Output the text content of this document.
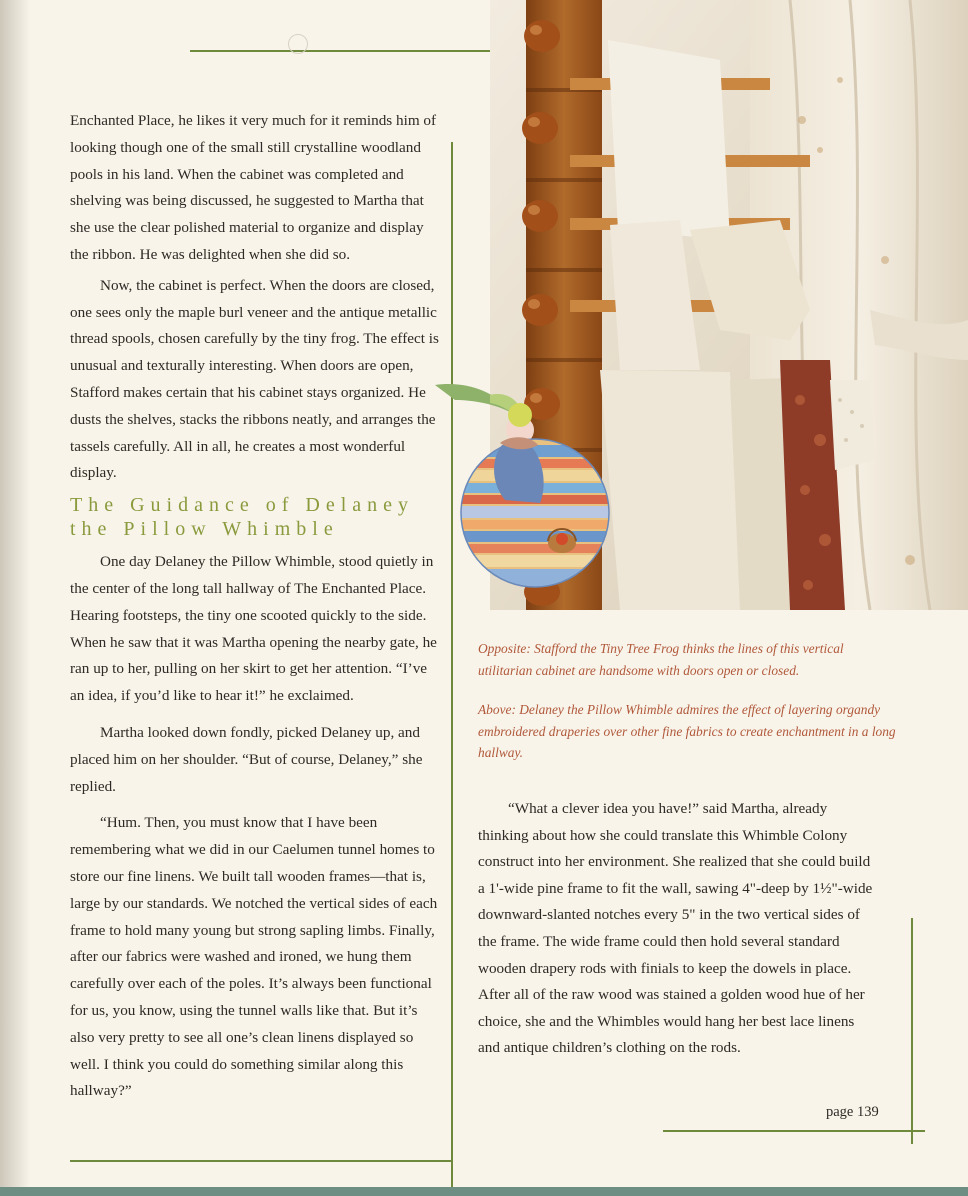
Enchanted Place, he likes it very much for it reminds him of looking though one of the small still crystalline woodland pools in his land. When the cabinet was completed and shelving was being discussed, he suggested to Martha that she use the clear polished material to organize and display the ribbon. He was delighted when she did so.

Now, the cabinet is perfect. When the doors are closed, one sees only the maple burl veneer and the antique metallic thread spools, chosen carefully by the tiny frog. The effect is unusual and texturally interesting. When doors are open, Stafford makes certain that his cabinet stays organized. He dusts the shelves, stacks the ribbons neatly, and arranges the tassels carefully. All in all, he creates a most wonderful display.

The Guidance of Delaney the Pillow Whimble

One day Delaney the Pillow Whimble, stood quietly in the center of the long tall hallway of The Enchanted Place. Hearing footsteps, the tiny one scooted quickly to the side. When he saw that it was Martha opening the nearby gate, he ran up to her, pulling on her skirt to get her attention. “I’ve an idea, if you’d like to hear it!” he exclaimed.

Martha looked down fondly, picked Delaney up, and placed him on her shoulder. “But of course, Delaney,” she replied.

“Hum. Then, you must know that I have been remembering what we did in our Caelumen tunnel homes to store our fine linens. We built tall wooden frames—that is, large by our standards. We notched the vertical sides of each frame to hold many young but strong sapling limbs. Finally, after our fabrics were washed and ironed, we hung them carefully over each of the poles. It’s always been functional for us, you know, using the tunnel walls like that. But it’s also very pretty to see all one’s clean linens displayed so well. I think you could do something similar along this hallway?”

Opposite: Stafford the Tiny Tree Frog thinks the lines of this vertical utilitarian cabinet are handsome with doors open or closed.

Above: Delaney the Pillow Whimble admires the effect of layering organdy embroidered draperies over other fine fabrics to create enchantment in a long hallway.

“What a clever idea you have!” said Martha, already thinking about how she could translate this Whimble Colony construct into her environment. She realized that she could build a 1'-wide pine frame to fit the wall, sawing 4"-deep by 1½"-wide downward-slanted notches every 5" in the two vertical sides of the frame. The wide frame could then hold several standard wooden drapery rods with finials to keep the dowels in place. After all of the raw wood was stained a golden wood hue of her choice, she and the Whimbles would hang her best lace linens and antique children’s clothing on the rods.

page 139
